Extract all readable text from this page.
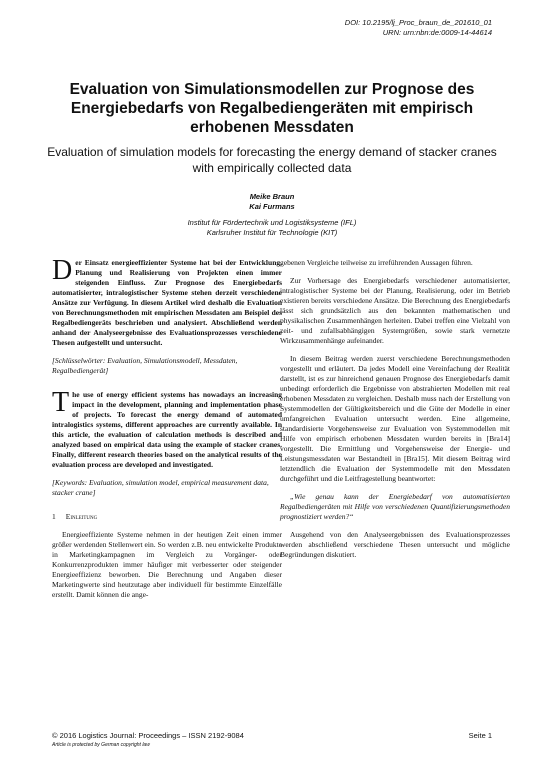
DOI: 10.2195/lj_Proc_braun_de_201610_01
URN: urn:nbn:de:0009-14-44614
Evaluation von Simulationsmodellen zur Prognose des Energiebedarfs von Regalbediengeräten mit empirisch erhobenen Messdaten
Evaluation of simulation models for forecasting the energy demand of stacker cranes with empirically collected data
Meike Braun
Kai Furmans
Institut für Fördertechnik und Logistiksysteme (IFL)
Karlsruher Institut für Technologie (KIT)

Der Einsatz energieeffizienter Systeme hat bei der Entwicklung, Planung und Realisierung von Projekten einen immer steigenden Einfluss. Zur Prognose des Energiebedarfs automatisierter, intralogistischer Systeme stehen derzeit verschiedene Ansätze zur Verfügung. In diesem Artikel wird deshalb die Evaluation von Berechnungsmethoden mit empirischen Messdaten am Beispiel des Regalbediengeräts beschrieben und analysiert. Abschließend werden anhand der Analyseergebnisse des Evaluationsprozesses verschiedene Thesen aufgestellt und untersucht.

[Schlüsselwörter: Evaluation, Simulationsmodell, Messdaten, Regalbediengerät]

The use of energy efficient systems has nowadays an increasing impact in the development, planning and implementation phase of projects. To forecast the energy demand of automated intralogistics systems, different approaches are currently available. In this article, the evaluation of calculation methods is described and analyzed based on empirical data using the example of stacker cranes. Finally, different research theories based on the analytical results of the evaluation process are developed and investigated.

[Keywords: Evaluation, simulation model, empirical measurement data, stacker crane]

1 Einleitung

Energieeffiziente Systeme nehmen in der heutigen Zeit einen immer größer werdenden Stellenwert ein. So werden z.B. neu entwickelte Produkte in Marketingkampagnen im Vergleich zu Vorgänger- oder Konkurrenzprodukten immer häufiger mit verbesserter oder steigender Energieeffizienz beworben. Die Berechnung und Angaben dieser Marketingwerte sind heutzutage aber individuell für bestimmte Einzelfälle erstellt. Damit können die ange-

gebenen Vergleiche teilweise zu irreführenden Aussagen führen.

Zur Vorhersage des Energiebedarfs verschiedener automatisierter, intralogistischer Systeme bei der Planung, Realisierung, oder im Betrieb existieren bereits verschiedene Ansätze. Die Berechnung des Energiebedarfs lässt sich grundsätzlich aus den bekannten mathematischen und physikalischen Zusammenhängen herleiten. Dabei treffen eine Vielzahl von zeit- und zufallsabhängigen Systemgrößen, sowie stark vernetzte Wirkzusammenhänge aufeinander.

In diesem Beitrag werden zuerst verschiedene Berechnungsmethoden vorgestellt und erläutert. Da jedes Modell eine Vereinfachung der Realität darstellt, ist es zur hinreichend genauen Prognose des Energiebedarfs damit unbedingt erforderlich die Ergebnisse von abstrahierten Modellen mit real erhobenen Messdaten zu vergleichen. Deshalb muss nach der Erstellung von Systemmodellen der Gültigkeitsbereich und die Güte der Modelle in einer umfangreichen Evaluation untersucht werden. Eine allgemeine, standardisierte Vorgehensweise zur Evaluation von Systemmodellen mit Hilfe von empirisch erhobenen Messdaten wurden bereits in [Bra14] vorgestellt. Die Ermittlung und Vorgehensweise der Energie- und Leistungsmessdaten war Bestandteil in [Bra15]. Mit diesem Beitrag wird letztendlich die Evaluation der Systemmodelle mit den Messdaten durchgeführt und die Leitfragestellung beantwortet:

„Wie genau kann der Energiebedarf von automatisierten Regalbediengeräten mit Hilfe von verschiedenen Quantifizierungsmethoden prognostiziert werden?“

Ausgehend von den Analyseergebnissen des Evaluationsprozesses werden abschließend verschiedene Thesen untersucht und mögliche Begründungen diskutiert.

© 2016 Logistics Journal: Proceedings – ISSN 2192-9084	Seite 1
Article is protected by German copyright law
